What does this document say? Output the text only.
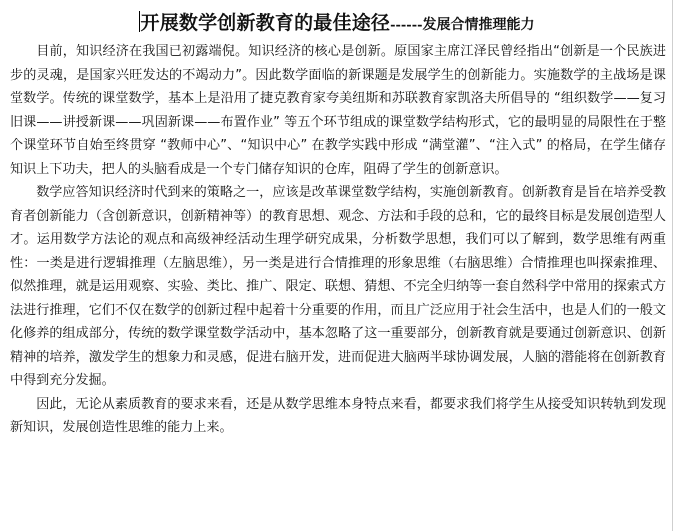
开展数学创新教育的最佳途径------发展合情推理能力

目前，知识经济在我国已初露端倪。知识经济的核心是创新。原国家主席江泽民曾经指出“创新是一个民族进步的灵魂，是国家兴旺发达的不竭动力”。因此数学面临的新课题是发展学生的创新能力。实施数学的主战场是课堂数学。传统的课堂数学，基本上是沿用了捷克教育家夸美纽斯和苏联教育家凯洛夫所倡导的 “组织数学——复习旧课——讲授新课——巩固新课——布置作业” 等五个环节组成的课堂数学结构形式，它的最明显的局限性在于整个课堂环节自始至终贯穿 “教师中心”、“知识中心” 在教学实践中形成 “满堂灌”、“注入式” 的格局，在学生储存知识上下功夫，把人的头脑看成是一个专门储存知识的仓库，阻碍了学生的创新意识。

数学应答知识经济时代到来的策略之一，应该是改革课堂数学结构，实施创新教育。创新教育是旨在培养受教育者创新能力（含创新意识，创新精神等）的教育思想、观念、方法和手段的总和，它的最终目标是发展创造型人才。运用数学方法论的观点和高级神经活动生理学研究成果，分析数学思想，我们可以了解到，数学思维有两重性：一类是进行逻辑推理（左脑思维），另一类是进行合情推理的形象思维（右脑思维）合情推理也叫探索推理、似然推理，就是运用观察、实验、类比、推广、限定、联想、猜想、不完全归纳等一套自然科学中常用的探索式方法进行推理，它们不仅在数学的创新过程中起着十分重要的作用，而且广泛应用于社会生活中，也是人们的一般文化修养的组成部分，传统的数学课堂数学活动中，基本忽略了这一重要部分，创新教育就是要通过创新意识、创新精神的培养，激发学生的想象力和灵感，促进右脑开发，进而促进大脑两半球协调发展，人脑的潜能将在创新教育中得到充分发掘。

因此，无论从素质教育的要求来看，还是从数学思维本身特点来看，都要求我们将学生从接受知识转轨到发现新知识，发展创造性思维的能力上来。
